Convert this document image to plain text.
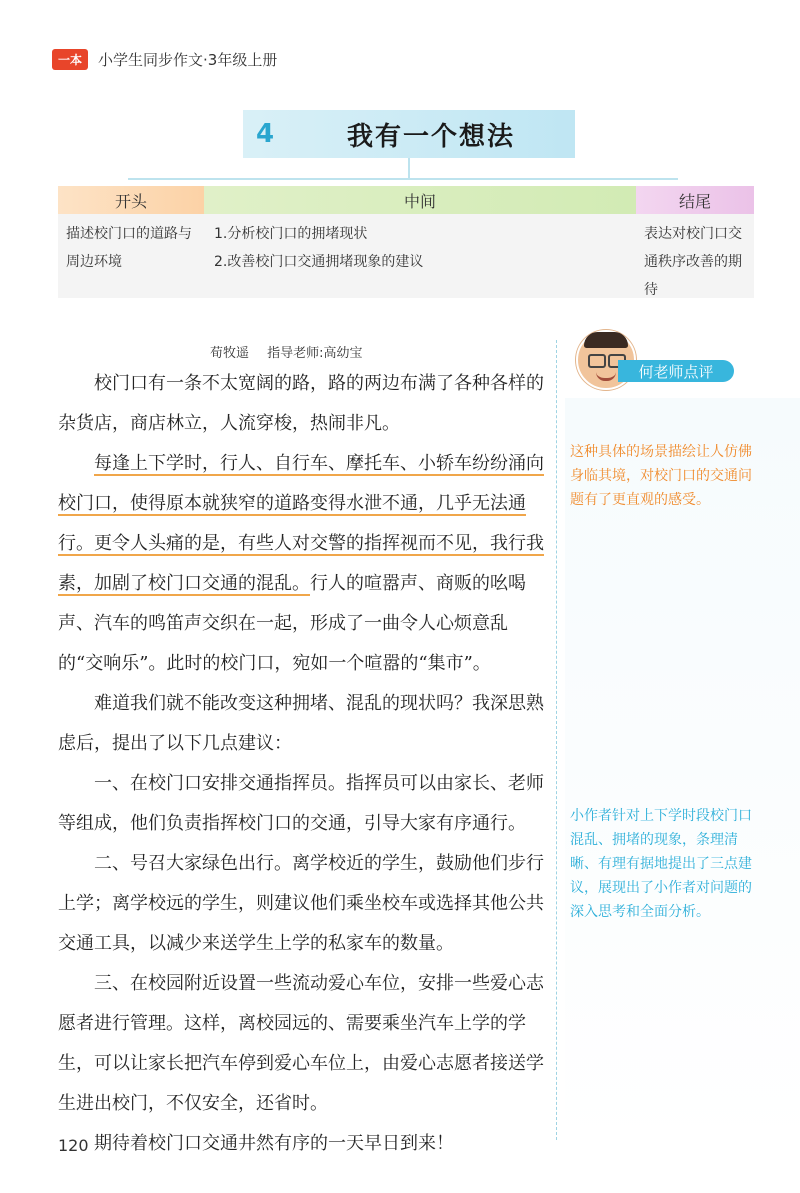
一本	小学生同步作文·3年级上册
4	我有一个想法
开头
描述校门口的道路与周边环境
中间
1.分析校门口的拥堵现状
2.改善校门口交通拥堵现象的建议
结尾
表达对校门口交通秩序改善的期待
荀牧遥 指导老师:高幼宝

校门口有一条不太宽阔的路，路的两边布满了各种各样的杂货店，商店林立，人流穿梭，热闹非凡。

每逢上下学时，行人、自行车、摩托车、小轿车纷纷涌向校门口，使得原本就狭窄的道路变得水泄不通，几乎无法通行。更令人头痛的是，有些人对交警的指挥视而不见，我行我素，加剧了校门口交通的混乱。行人的喧嚣声、商贩的吆喝声、汽车的鸣笛声交织在一起，形成了一曲令人心烦意乱的“交响乐”。此时的校门口，宛如一个喧嚣的“集市”。

难道我们就不能改变这种拥堵、混乱的现状吗？我深思熟虑后，提出了以下几点建议：

一、在校门口安排交通指挥员。指挥员可以由家长、老师等组成，他们负责指挥校门口的交通，引导大家有序通行。

二、号召大家绿色出行。离学校近的学生，鼓励他们步行上学；离学校远的学生，则建议他们乘坐校车或选择其他公共交通工具，以减少来送学生上学的私家车的数量。

三、在校园附近设置一些流动爱心车位，安排一些爱心志愿者进行管理。这样，离校园远的、需要乘坐汽车上学的学生，可以让家长把汽车停到爱心车位上，由爱心志愿者接送学生进出校门，不仅安全，还省时。

期待着校门口交通井然有序的一天早日到来！

何老师点评
这种具体的场景描绘让人仿佛身临其境，对校门口的交通问题有了更直观的感受。
小作者针对上下学时段校门口混乱、拥堵的现象，条理清晰、有理有据地提出了三点建议，展现出了小作者对问题的深入思考和全面分析。
120
